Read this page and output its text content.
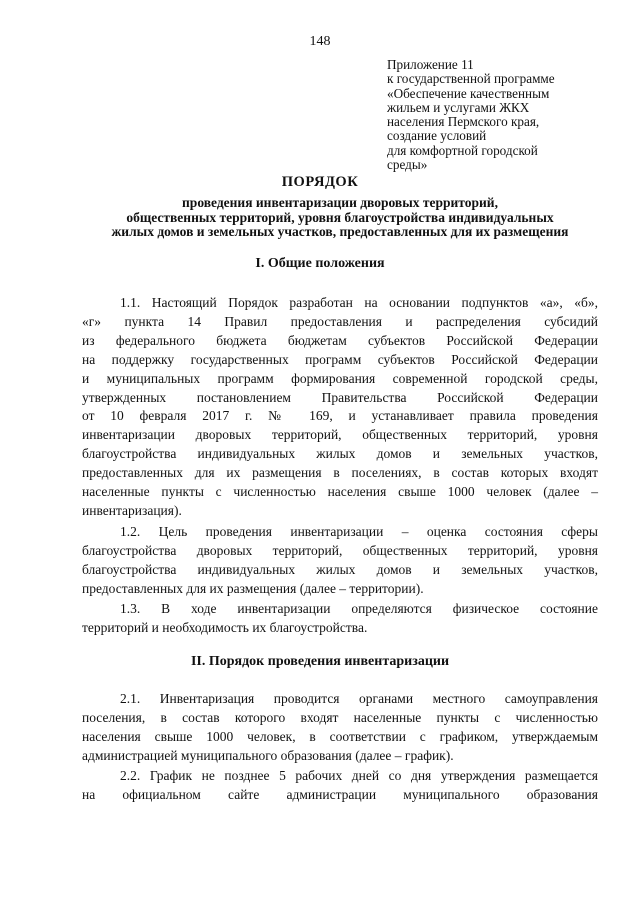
148
Приложение 11
к государственной программе
«Обеспечение качественным
жильем и услугами ЖКХ
населения Пермского края,
создание условий
для комфортной городской
среды»
ПОРЯДОК
проведения инвентаризации дворовых территорий,
общественных территорий, уровня благоустройства индивидуальных
жилых домов и земельных участков, предоставленных для их размещения
I. Общие положения
1.1. Настоящий Порядок разработан на основании подпунктов «а», «б»,
«г» пункта 14 Правил предоставления и распределения субсидий
из федерального бюджета бюджетам субъектов Российской Федерации
на поддержку государственных программ субъектов Российской Федерации
и муниципальных программ формирования современной городской среды,
утвержденных постановлением Правительства Российской Федерации
от 10 февраля 2017 г. № 169, и устанавливает правила проведения
инвентаризации дворовых территорий, общественных территорий, уровня
благоустройства индивидуальных жилых домов и земельных участков,
предоставленных для их размещения в поселениях, в состав которых входят
населенные пункты с численностью населения свыше 1000 человек (далее –
инвентаризация).
1.2. Цель проведения инвентаризации – оценка состояния сферы
благоустройства дворовых территорий, общественных территорий, уровня
благоустройства индивидуальных жилых домов и земельных участков,
предоставленных для их размещения (далее – территории).
1.3. В ходе инвентаризации определяются физическое состояние
территорий и необходимость их благоустройства.
II. Порядок проведения инвентаризации
2.1. Инвентаризация проводится органами местного самоуправления
поселения, в состав которого входят населенные пункты с численностью
населения свыше 1000 человек, в соответствии с графиком, утверждаемым
администрацией муниципального образования (далее – график).
2.2. График не позднее 5 рабочих дней со дня утверждения размещается
на официальном сайте администрации муниципального образования
